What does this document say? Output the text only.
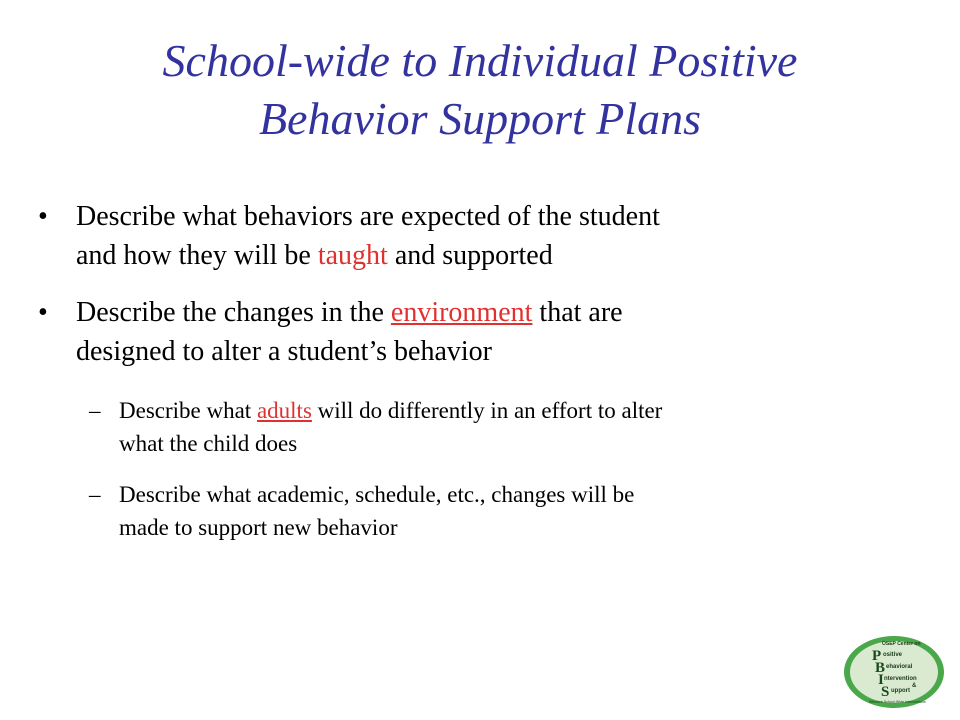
School-wide to Individual Positive
Behavior Support Plans
• Describe what behaviors are expected of the student
and how they will be taught and supported
• Describe the changes in the environment that are
designed to alter a student’s behavior
– Describe what adults will do differently in an effort to alter
what the child does
– Describe what academic, schedule, etc., changes will be
made to support new behavior
OSEP Center on
P ositive
B ehavioral
I ntervention
&
S upport
Effective School-Wide Interventions
